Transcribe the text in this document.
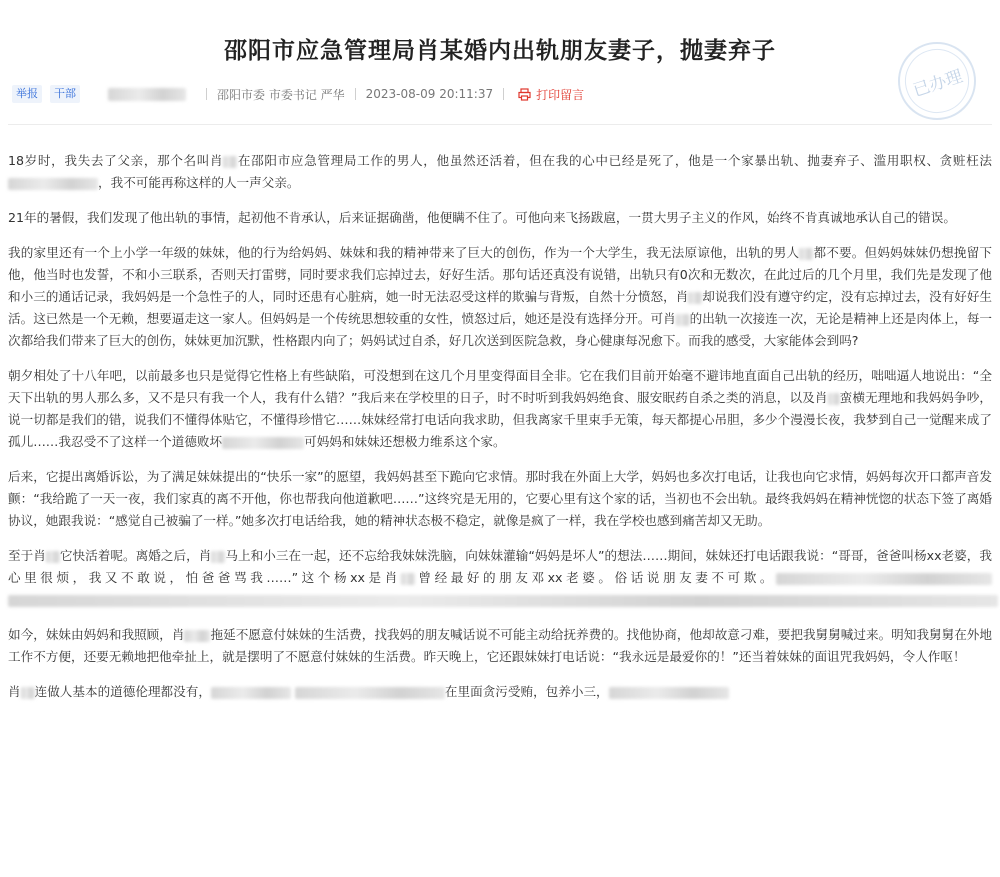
邵阳市应急管理局肖某婚内出轨朋友妻子，抛妻弃子
举报	干部	邵阳市委 市委书记 严华 2023-08-09 20:11:37	打印留言	已办理

18岁时，我失去了父亲，那个名叫肖 在邵阳市应急管理局工作的男人，他虽然还活着，但在我的心中已经是死了，他是一个家暴出轨、抛妻弃子、滥用职权、贪赃枉法，我不可能再称这样的人一声父亲。

21年的暑假，我们发现了他出轨的事情，起初他不肯承认，后来证据确凿，他便瞒不住了。可他向来飞扬跋扈，一贯大男子主义的作风，始终不肯真诚地承认自己的错误。

我的家里还有一个上小学一年级的妹妹，他的行为给妈妈、妹妹和我的精神带来了巨大的创伤，作为一个大学生，我无法原谅他，出轨的男人 都不要。但妈妈妹妹仍想挽留下他，他当时也发誓，不和小三联系，否则天打雷劈，同时要求我们忘掉过去，好好生活。那句话还真没有说错，出轨只有0次和无数次，在此过后的几个月里，我们先是发现了他和小三的通话记录，我妈妈是一个急性子的人，同时还患有心脏病，她一时无法忍受这样的欺骗与背叛，自然十分愤怒，肖 却说我们没有遵守约定，没有忘掉过去，没有好好生活。这已然是一个无赖，想要逼走这一家人。但妈妈是一个传统思想较重的女性，愤怒过后，她还是没有选择分开。可肖 的出轨一次接连一次，无论是精神上还是肉体上，每一次都给我们带来了巨大的创伤，妹妹更加沉默，性格跟内向了；妈妈试过自杀，好几次送到医院急救，身心健康每况愈下。而我的感受，大家能体会到吗?

朝夕相处了十八年吧，以前最多也只是觉得它性格上有些缺陷，可没想到在这几个月里变得面目全非。它在我们目前开始毫不避讳地直面自己出轨的经历，咄咄逼人地说出：“全天下出轨的男人那么多，又不是只有我一个人，我有什么错？”我后来在学校里的日子，时不时听到我妈妈绝食、服安眠药自杀之类的消息，以及肖 蛮横无理地和我妈妈争吵，说一切都是我们的错，说我们不懂得体贴它，不懂得珍惜它……妹妹经常打电话向我求助，但我离家千里束手无策，每天都提心吊胆，多少个漫漫长夜，我梦到自己一觉醒来成了孤儿……我忍受不了这样一个道德败坏	可妈妈和妹妹还想极力维系这个家。

后来，它提出离婚诉讼，为了满足妹妹提出的“快乐一家”的愿望，我妈妈甚至下跪向它求情。那时我在外面上大学，妈妈也多次打电话，让我也向它求情，妈妈每次开口都声音发颤：“我给跪了一天一夜，我们家真的离不开他，你也帮我向他道歉吧……”这终究是无用的，它要心里有这个家的话，当初也不会出轨。最终我妈妈在精神恍惚的状态下签了离婚协议，她跟我说：“感觉自己被骗了一样。”她多次打电话给我，她的精神状态极不稳定，就像是疯了一样，我在学校也感到痛苦却又无助。

至于肖 它快活着呢。离婚之后，肖 马上和小三在一起，还不忘给我妹妹洗脑，向妹妹灌输“妈妈是坏人”的想法……期间，妹妹还打电话跟我说：“哥哥，爸爸叫杨xx老婆，我心里很烦，我又不敢说，怕爸爸骂我……”这个杨xx是肖 曾经最好的朋友邓xx老婆。俗话说朋友妻不可欺。

如今，妹妹由妈妈和我照顾，肖 拖延不愿意付妹妹的生活费，找我妈的朋友喊话说不可能主动给抚养费的。找他协商，他却故意刁难，要把我舅舅喊过来。明知我舅舅在外地工作不方便，还要无赖地把他牵扯上，就是摆明了不愿意付妹妹的生活费。昨天晚上，它还跟妹妹打电话说：“我永远是最爱你的！”还当着妹妹的面诅咒我妈妈，令人作呕！

肖 连做人基本的道德伦理都没有，	在里面贪污受贿，包养小三，
